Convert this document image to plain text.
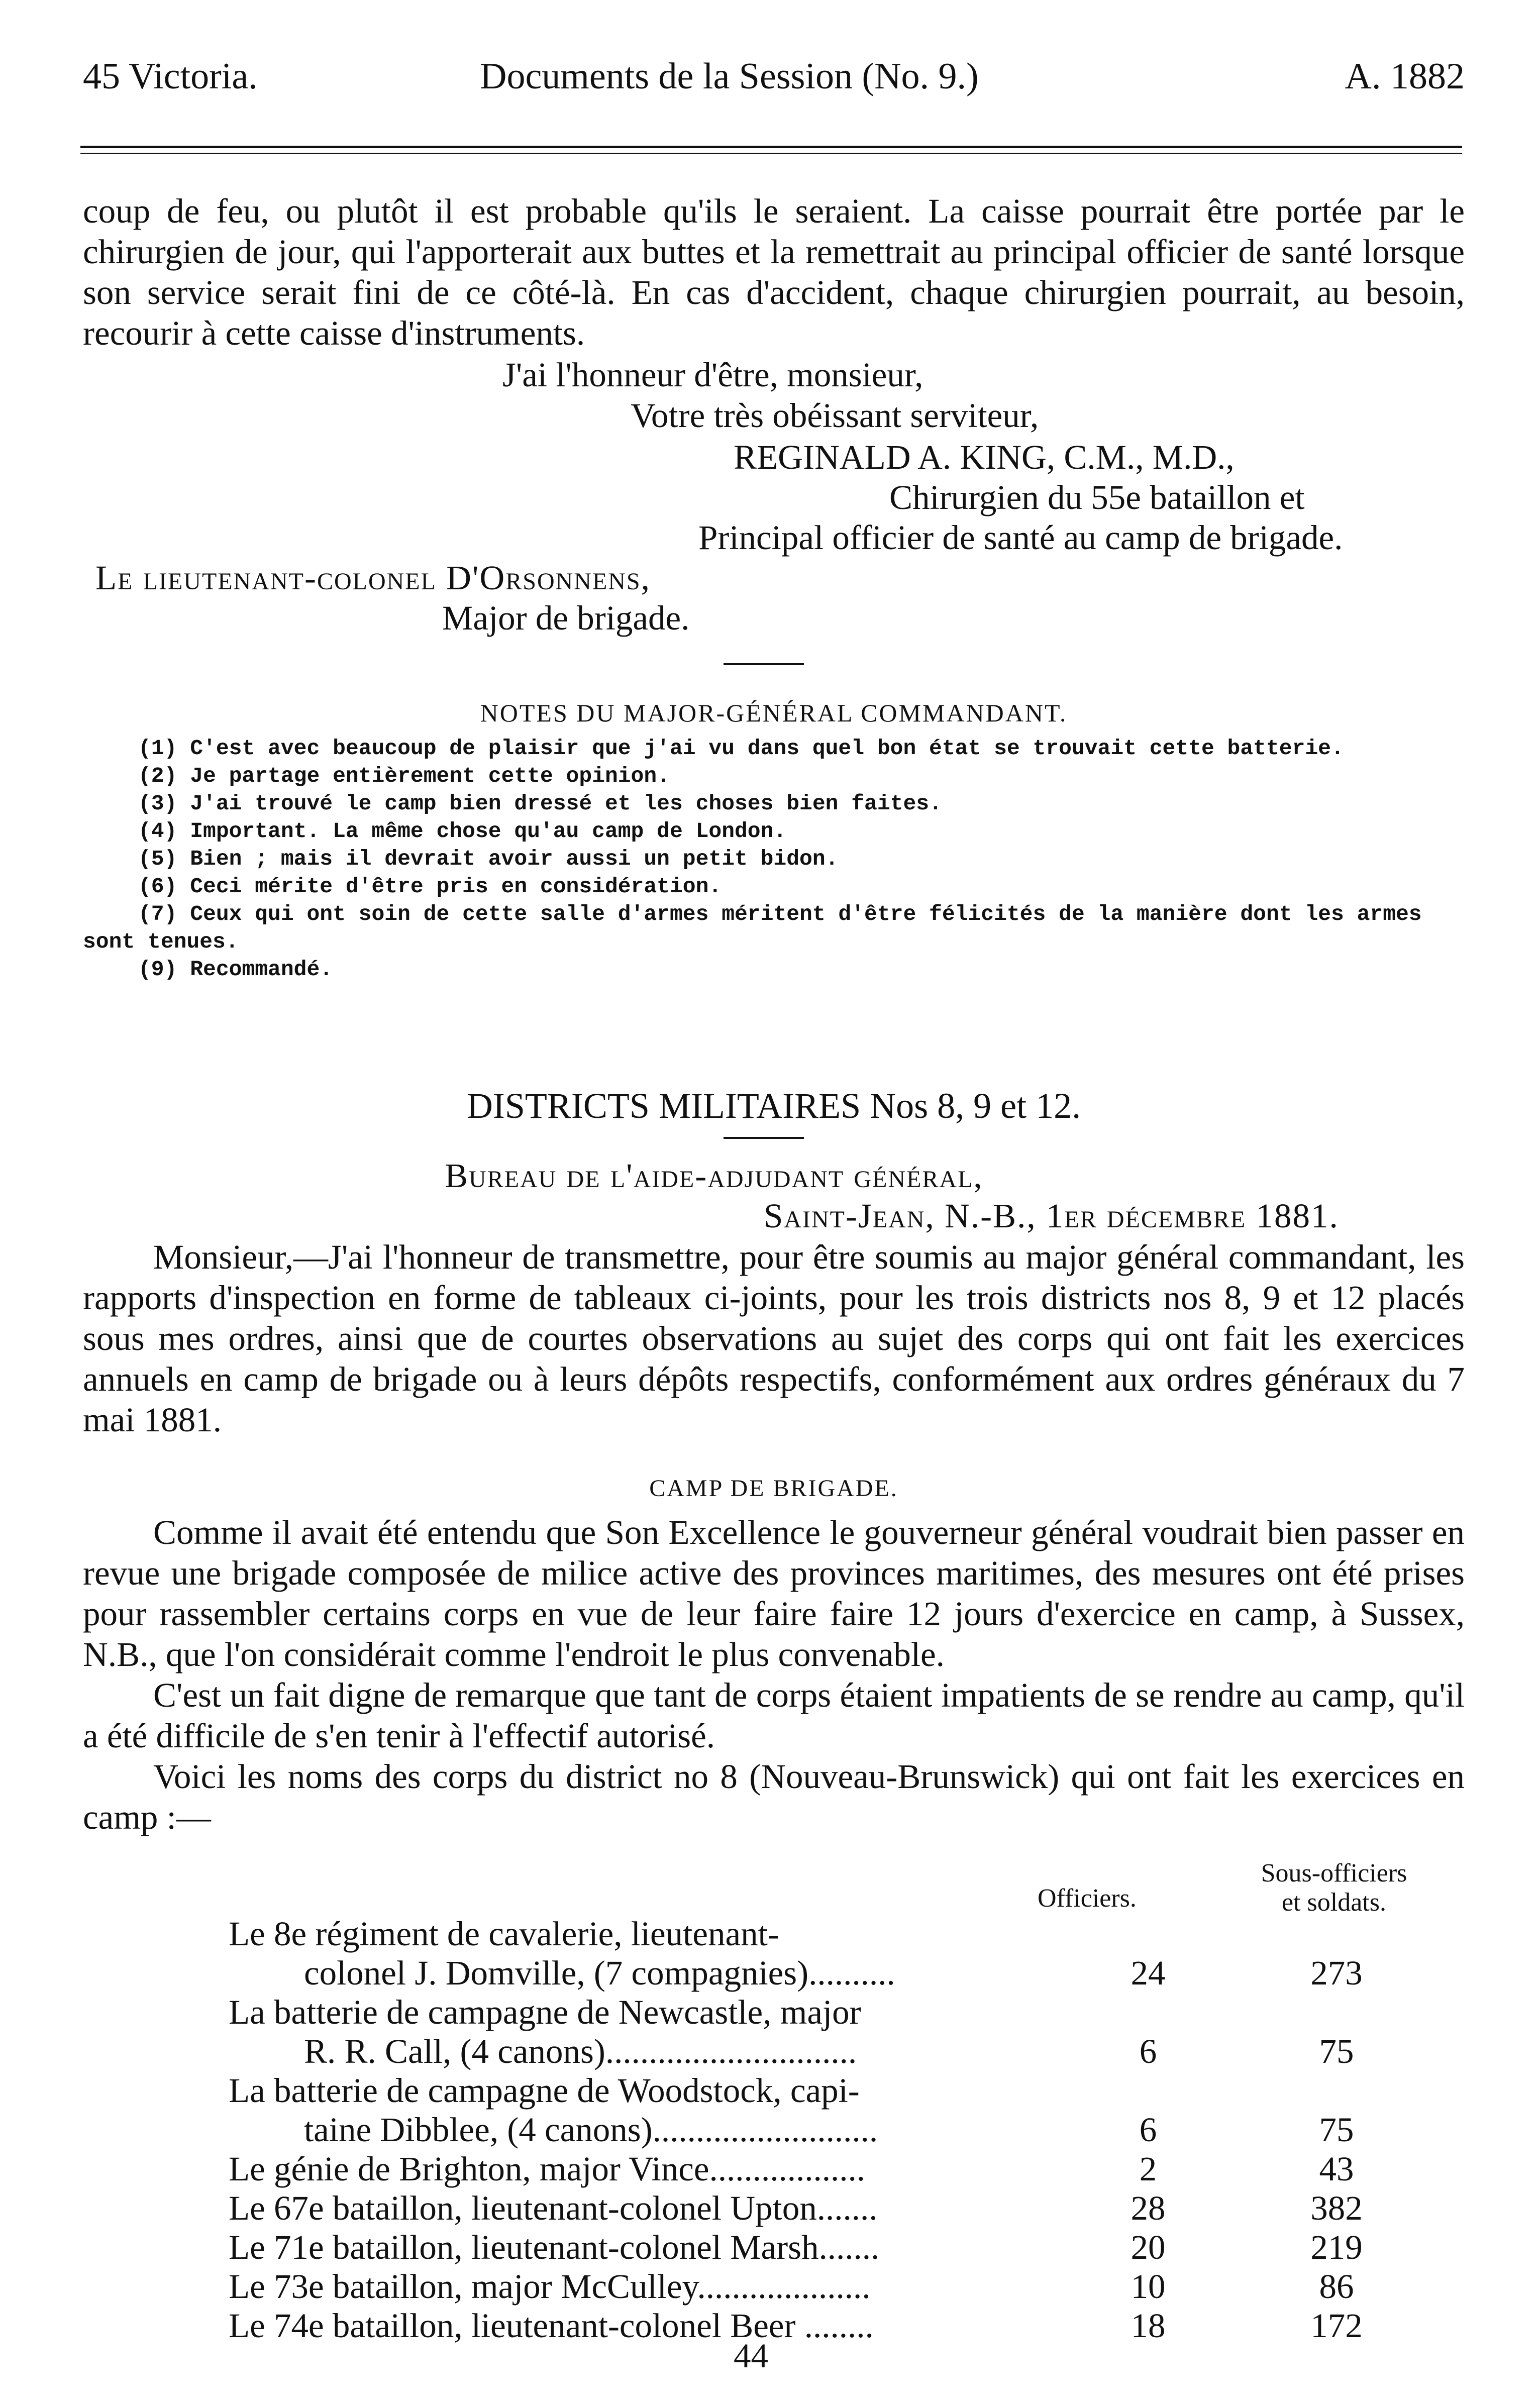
45 Victoria.	Documents de la Session (No. 9.)	A. 1882

coup de feu, ou plutôt il est probable qu'ils le seraient. La caisse pourrait être portée par le chirurgien de jour, qui l'apporterait aux buttes et la remettrait au principal officier de santé lorsque son service serait fini de ce côté-là. En cas d'accident, chaque chirurgien pourrait, au besoin, recourir à cette caisse d'instruments.

J'ai l'honneur d'être, monsieur,
Votre très obéissant serviteur,
REGINALD A. KING, C.M., M.D.,
Chirurgien du 55e bataillon et
Principal officier de santé au camp de brigade.
Le lieutenant-colonel D'Orsonnens,
Major de brigade.
NOTES DU MAJOR-GÉNÉRAL COMMANDANT.
(1) C'est avec beaucoup de plaisir que j'ai vu dans quel bon état se trouvait cette batterie.
(2) Je partage entièrement cette opinion.
(3) J'ai trouvé le camp bien dressé et les choses bien faites.
(4) Important. La même chose qu'au camp de London.
(5) Bien ; mais il devrait avoir aussi un petit bidon.
(6) Ceci mérite d'être pris en considération.
(7) Ceux qui ont soin de cette salle d'armes méritent d'être félicités de la manière dont les armes
sont tenues.
(9) Recommandé.
DISTRICTS MILITAIRES Nos 8, 9 et 12.
Bureau de l'aide-adjudant général,
Saint-Jean, N.-B., 1er décembre 1881.

Monsieur,—J'ai l'honneur de transmettre, pour être soumis au major général commandant, les rapports d'inspection en forme de tableaux ci-joints, pour les trois districts nos 8, 9 et 12 placés sous mes ordres, ainsi que de courtes observations au sujet des corps qui ont fait les exercices annuels en camp de brigade ou à leurs dépôts respectifs, conformément aux ordres généraux du 7 mai 1881.

CAMP DE BRIGADE.

Comme il avait été entendu que Son Excellence le gouverneur général voudrait bien passer en revue une brigade composée de milice active des provinces maritimes, des mesures ont été prises pour rassembler certains corps en vue de leur faire faire 12 jours d'exercice en camp, à Sussex, N.B., que l'on considérait comme l'endroit le plus convenable.

C'est un fait digne de remarque que tant de corps étaient impatients de se rendre au camp, qu'il a été difficile de s'en tenir à l'effectif autorisé.

Voici les noms des corps du district no 8 (Nouveau-Brunswick) qui ont fait les exercices en camp :—

Officiers.
Sous-officiers
et soldats.
Le 8e régiment de cavalerie, lieutenant-
colonel J. Domville, (7 compagnies)..........	24	273
La batterie de campagne de Newcastle, major
R. R. Call, (4 canons).............................	6	75
La batterie de campagne de Woodstock, capi-
taine Dibblee, (4 canons)..........................	6	75
Le génie de Brighton, major Vince..................	2	43
Le 67e bataillon, lieutenant-colonel Upton.......	28	382
Le 71e bataillon, lieutenant-colonel Marsh.......	20	219
Le 73e bataillon, major McCulley....................	10	86
Le 74e bataillon, lieutenant-colonel Beer ........	18	172
44
